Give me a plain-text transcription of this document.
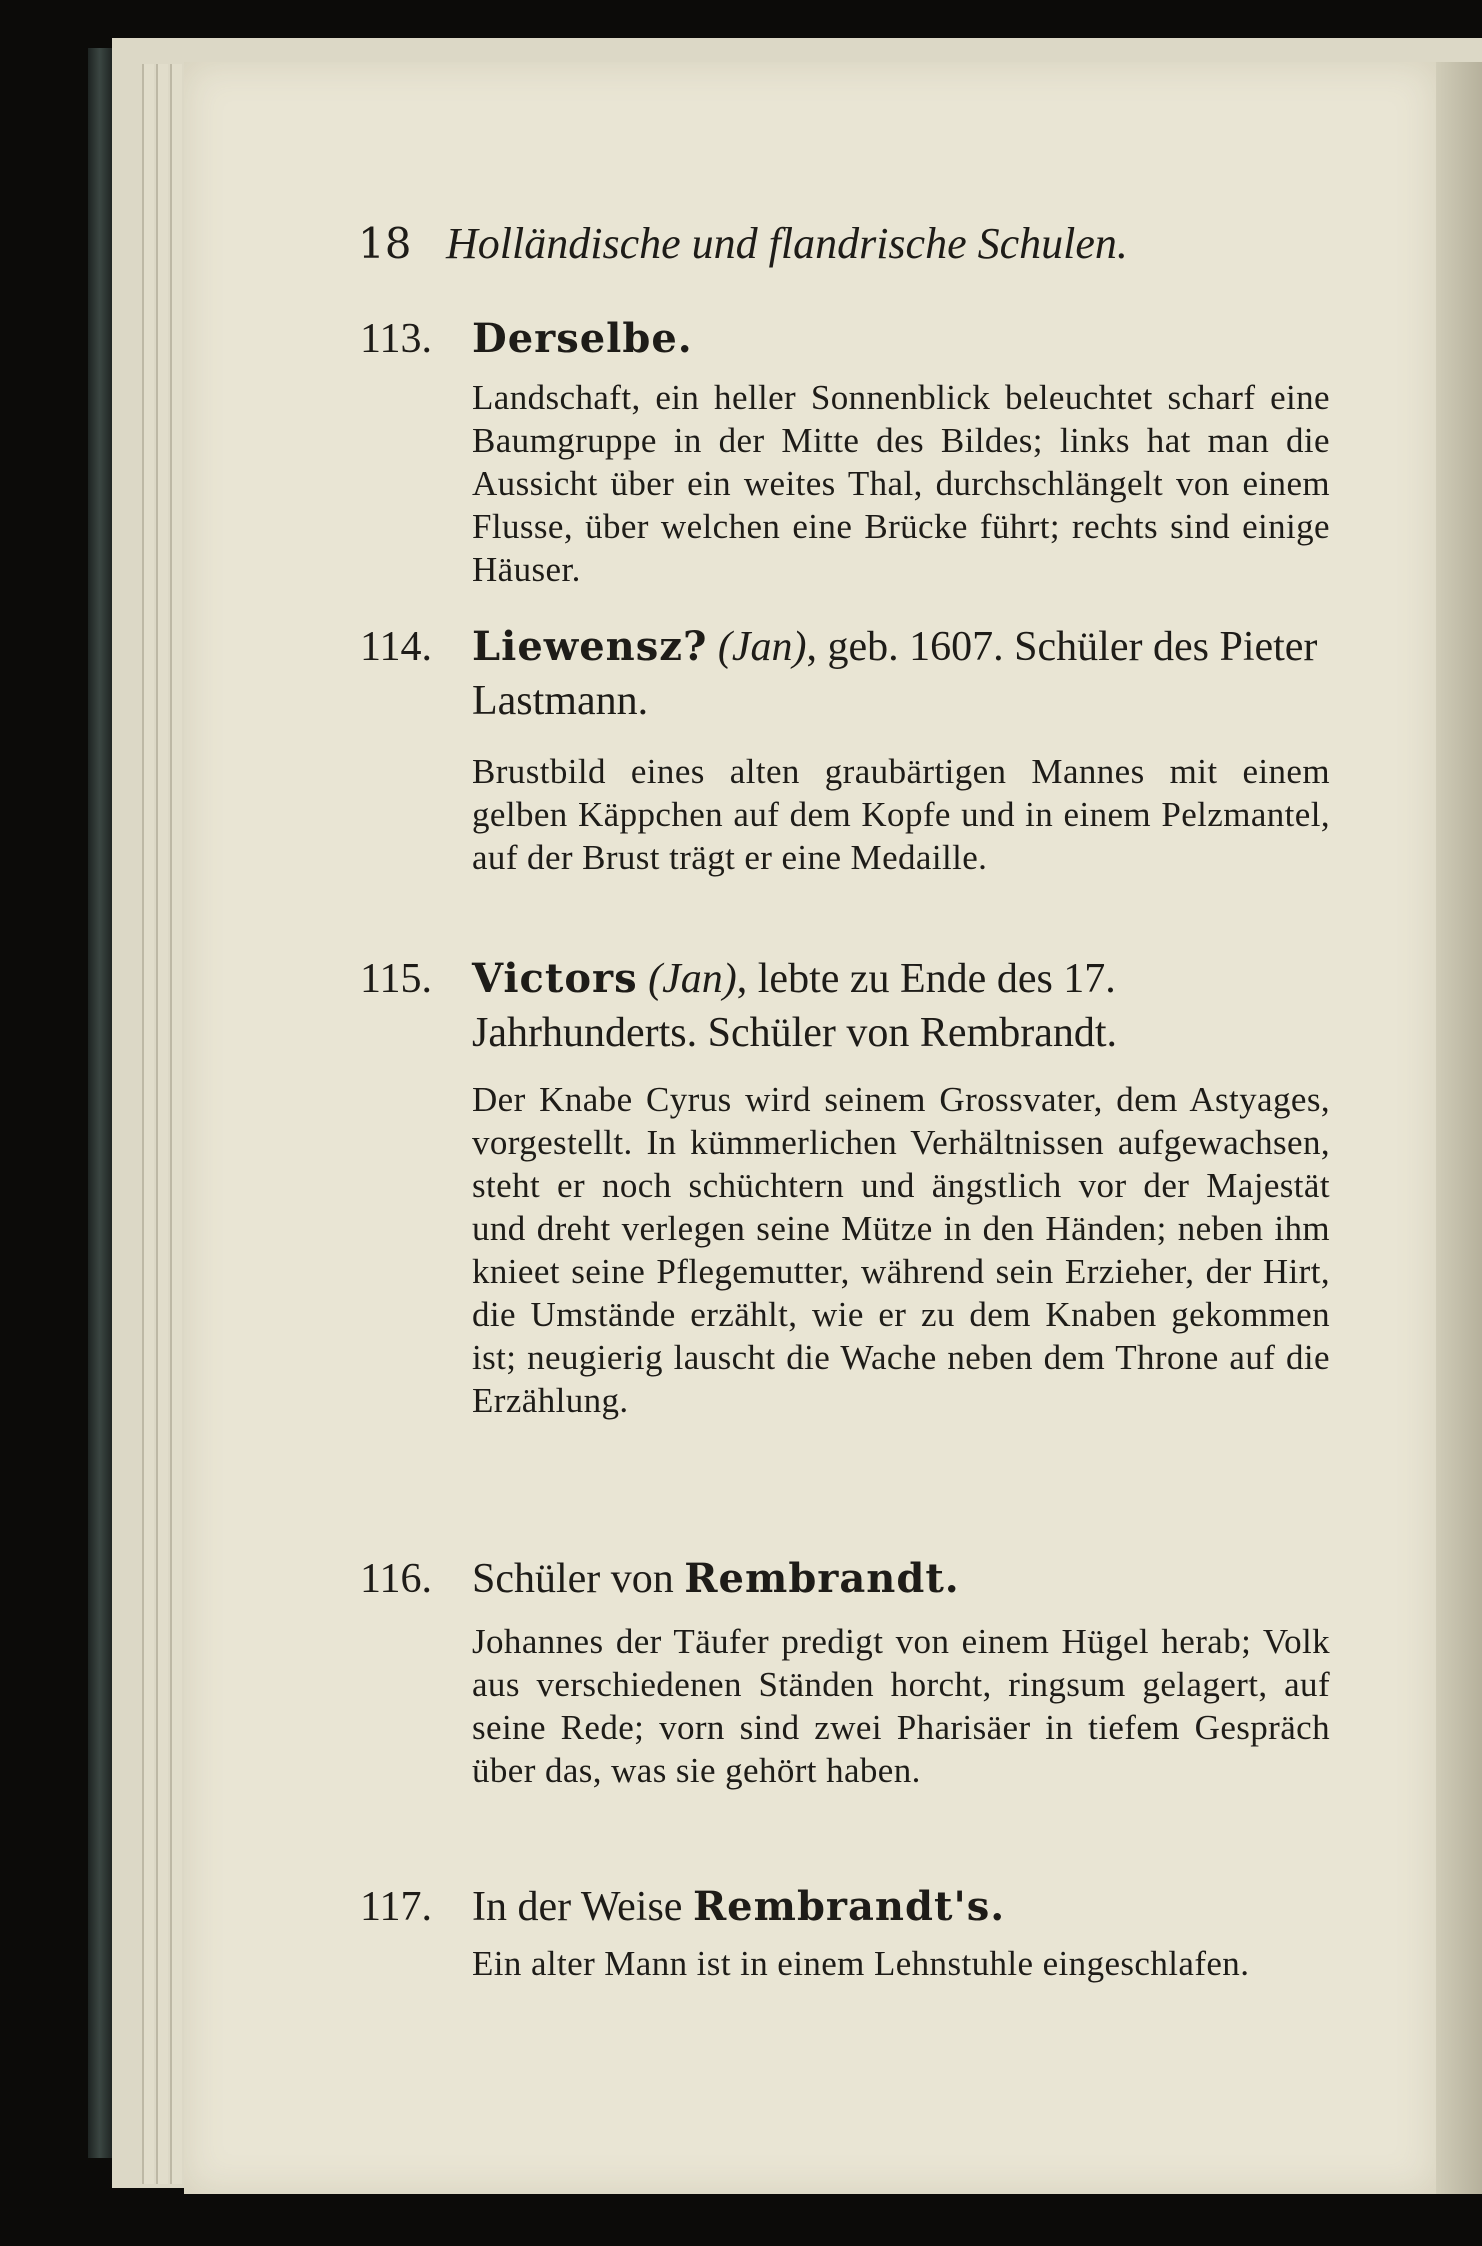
18 Holländische und flandrische Schulen.
113.	Derselbe.
Landschaft, ein heller Sonnenblick beleuchtet scharf eine Baumgruppe in der Mitte des Bildes; links hat man die Aussicht über ein weites Thal, durchschlängelt von einem Flusse, über welchen eine Brücke führt; rechts sind einige Häuser.
114.	Liewensz? (Jan), geb. 1607. Schüler des Pieter Lastmann.
Brustbild eines alten graubärtigen Mannes mit einem gelben Käppchen auf dem Kopfe und in einem Pelzmantel, auf der Brust trägt er eine Medaille.
115.	Victors (Jan), lebte zu Ende des 17. Jahrhunderts. Schüler von Rembrandt.
Der Knabe Cyrus wird seinem Grossvater, dem Astyages, vorgestellt. In kümmerlichen Verhältnissen aufgewachsen, steht er noch schüchtern und ängstlich vor der Majestät und dreht verlegen seine Mütze in den Händen; neben ihm knieet seine Pflegemutter, während sein Erzieher, der Hirt, die Umstände erzählt, wie er zu dem Knaben gekommen ist; neugierig lauscht die Wache neben dem Throne auf die Erzählung.
116. Schüler von Rembrandt.
Johannes der Täufer predigt von einem Hügel herab; Volk aus verschiedenen Ständen horcht, ringsum gelagert, auf seine Rede; vorn sind zwei Pharisäer in tiefem Gespräch über das, was sie gehört haben.
117. In der Weise Rembrandt's.
Ein alter Mann ist in einem Lehnstuhle eingeschlafen.
